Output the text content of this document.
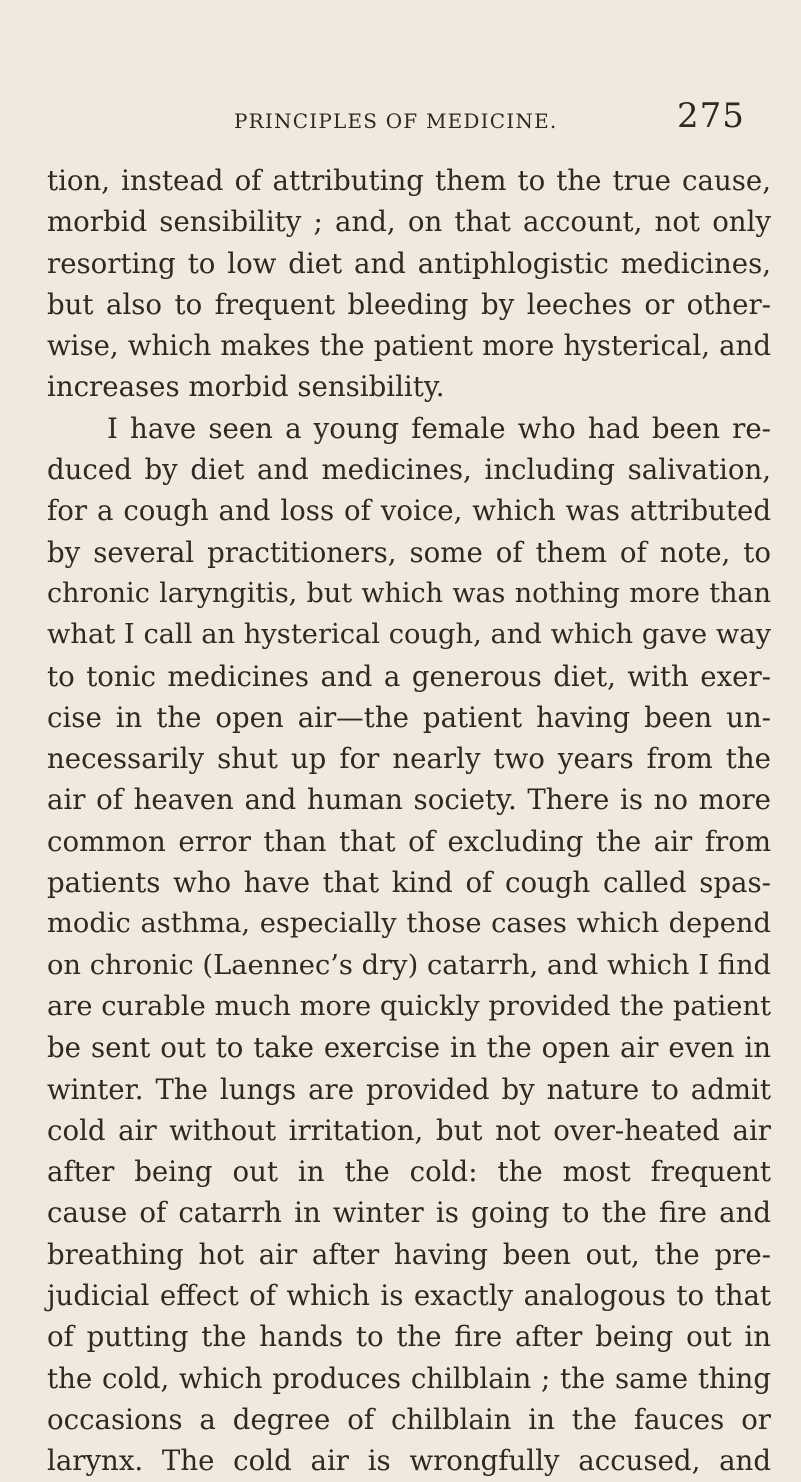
PRINCIPLES OF MEDICINE.	275
tion, instead of attributing them to the true cause,
morbid sensibility ; and, on that account, not only
resorting to low diet and antiphlogistic medicines,
but also to frequent bleeding by leeches or other-
wise, which makes the patient more hysterical, and
increases morbid sensibility.
I have seen a young female who had been re-
duced by diet and medicines, including salivation,
for a cough and loss of voice, which was attributed
by several practitioners, some of them of note, to
chronic laryngitis, but which was nothing more than
what I call an hysterical cough, and which gave way
to tonic medicines and a generous diet, with exer-
cise in the open air—the patient having been un-
necessarily shut up for nearly two years from the
air of heaven and human society. There is no more
common error than that of excluding the air from
patients who have that kind of cough called spas-
modic asthma, especially those cases which depend
on chronic (Laennec’s dry) catarrh, and which I find
are curable much more quickly provided the patient
be sent out to take exercise in the open air even in
winter. The lungs are provided by nature to admit
cold air without irritation, but not over-heated air
after being out in the cold: the most frequent
cause of catarrh in winter is going to the fire and
breathing hot air after having been out, the pre-
judicial effect of which is exactly analogous to that
of putting the hands to the fire after being out in
the cold, which produces chilblain ; the same thing
occasions a degree of chilblain in the fauces or
larynx. The cold air is wrongfully accused, and
